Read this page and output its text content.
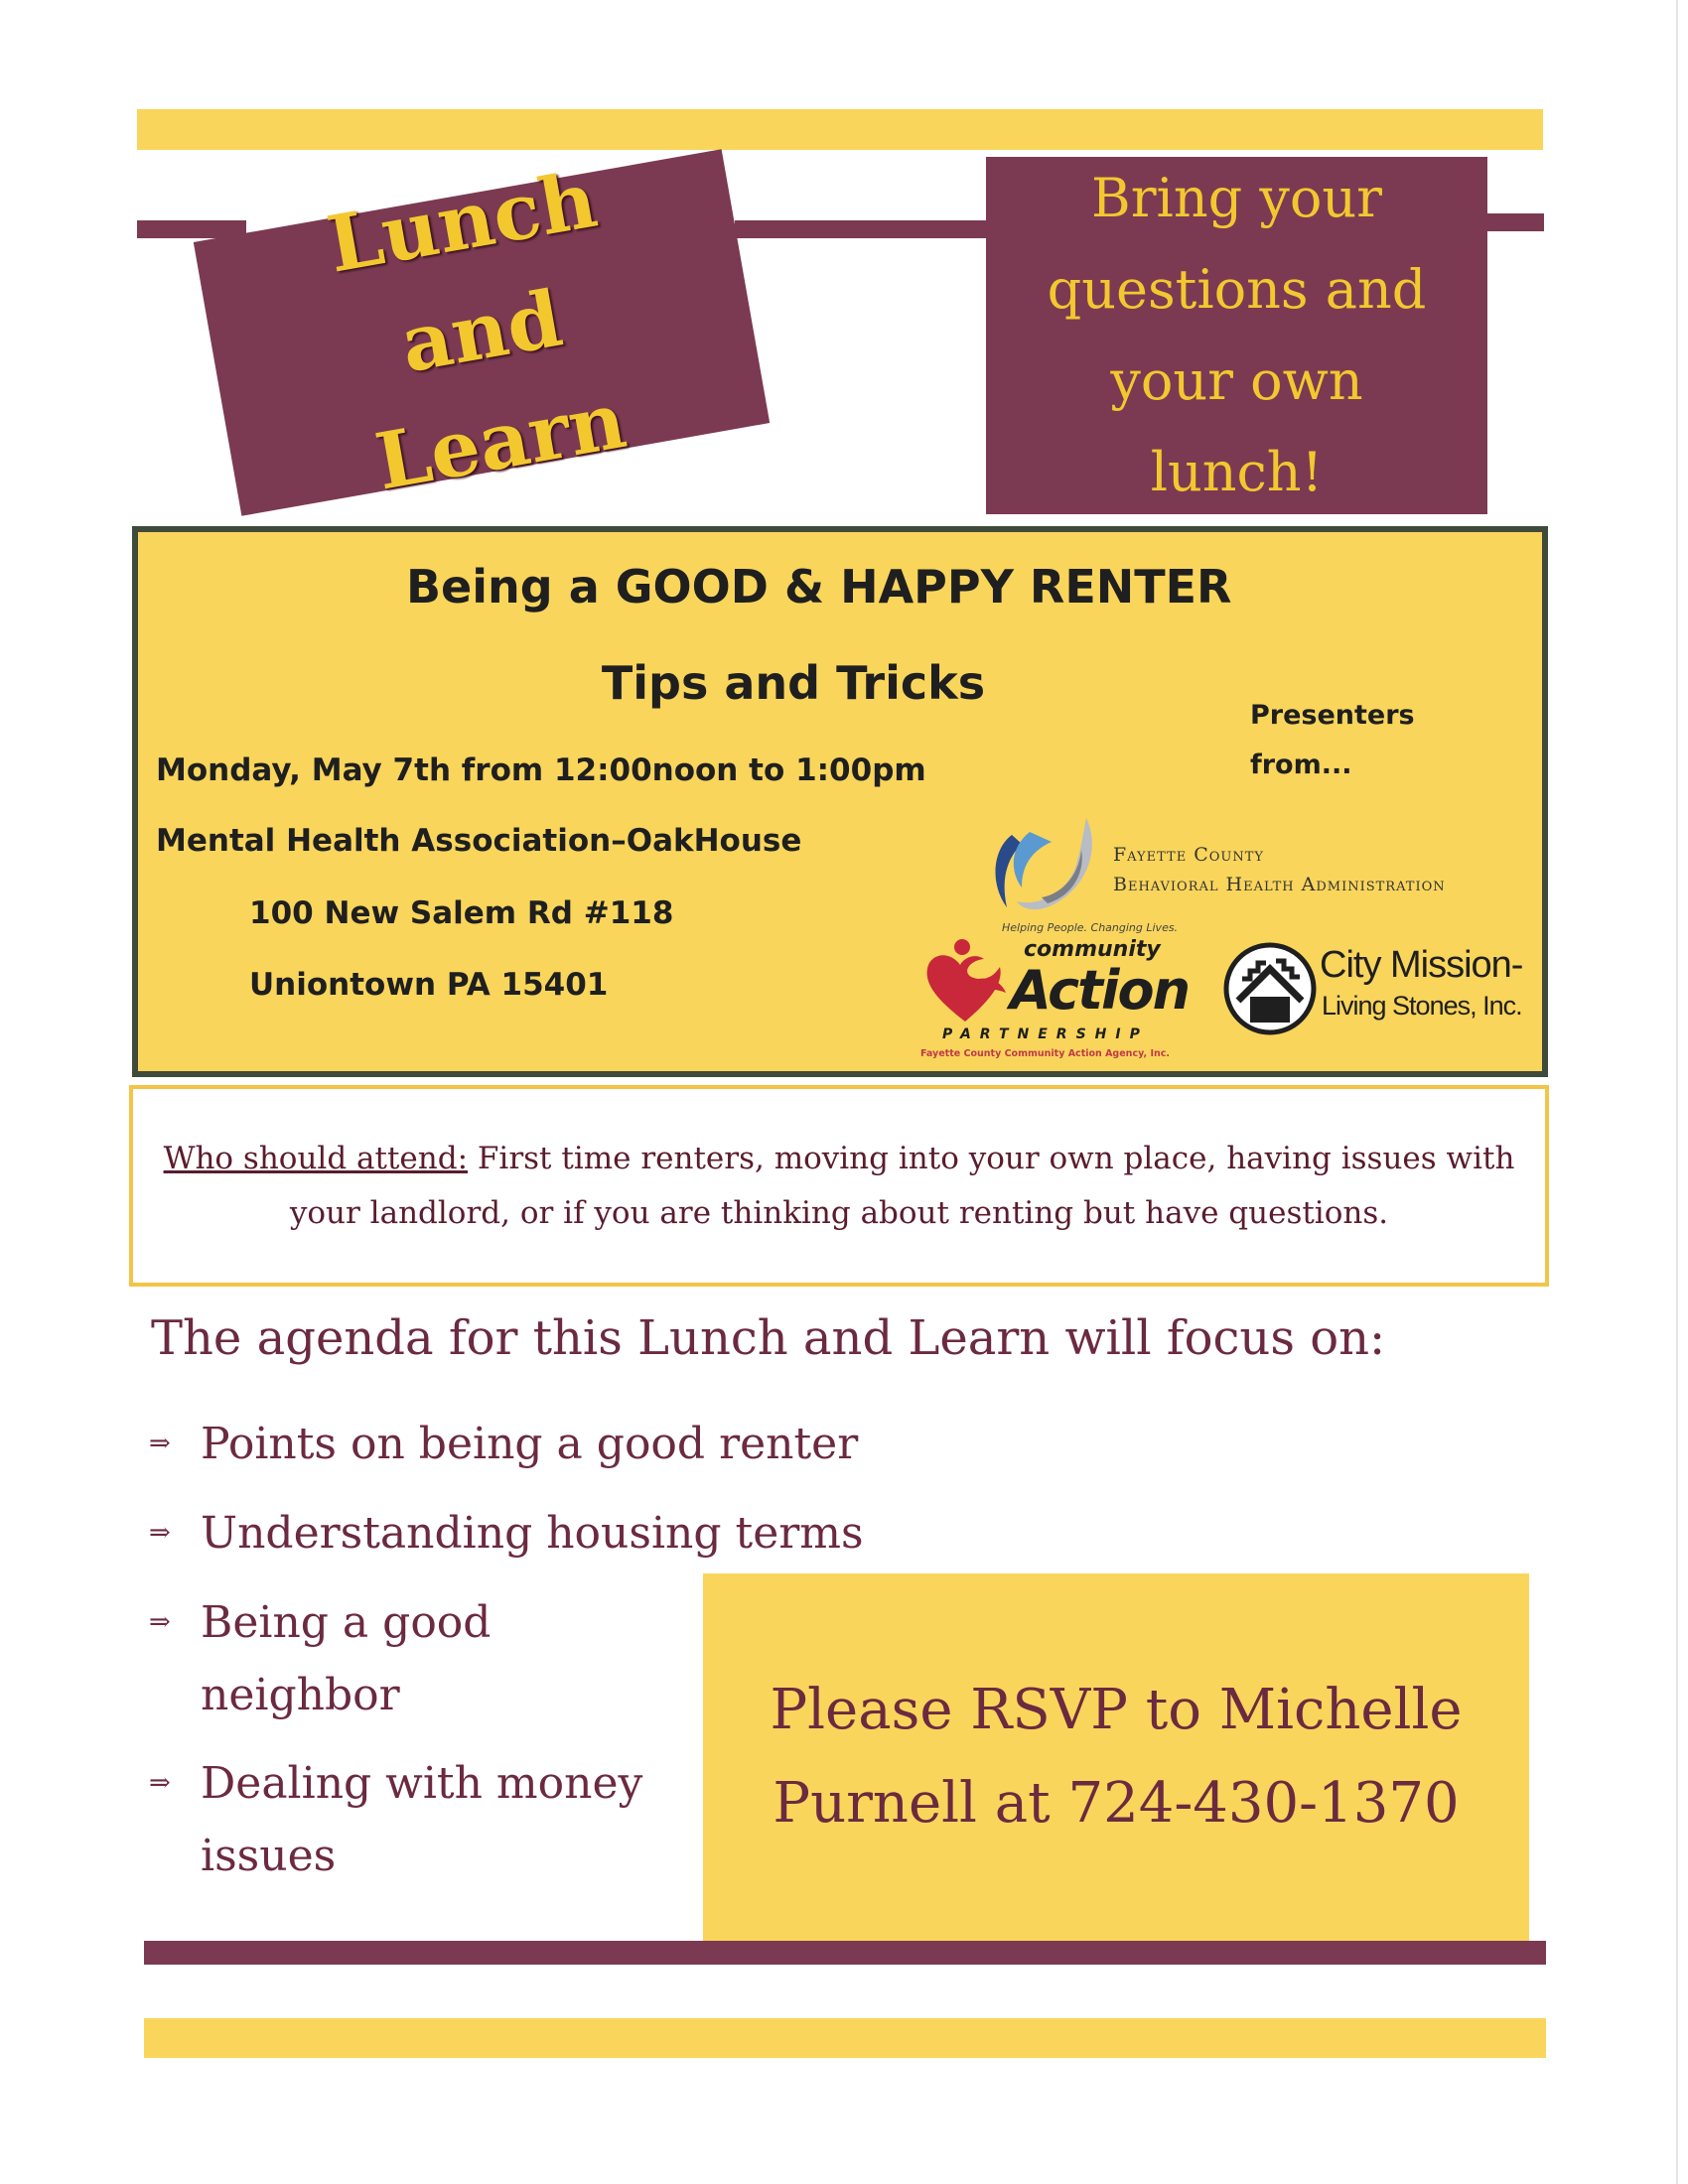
Lunch and Learn
Bring your questions and your own lunch!
Being a GOOD & HAPPY RENTER
Tips and Tricks
Monday, May 7th from 12:00noon to 1:00pm
Mental Health Association–OakHouse
100 New Salem Rd #118
Uniontown PA 15401
Presenters from...
Fayette County
Behavioral Health Administration
Helping People. Changing Lives.
community
Action
PARTNERSHIP
Fayette County Community Action Agency, Inc.
City Mission-
Living Stones, Inc.
Who should attend: First time renters, moving into your own place, having issues with your landlord, or if you are thinking about renting but have questions.
The agenda for this Lunch and Learn will focus on:
⇒ Points on being a good renter
⇒ Understanding housing terms
⇒ Being a good neighbor
⇒ Dealing with money issues
Please RSVP to Michelle Purnell at 724-430-1370
